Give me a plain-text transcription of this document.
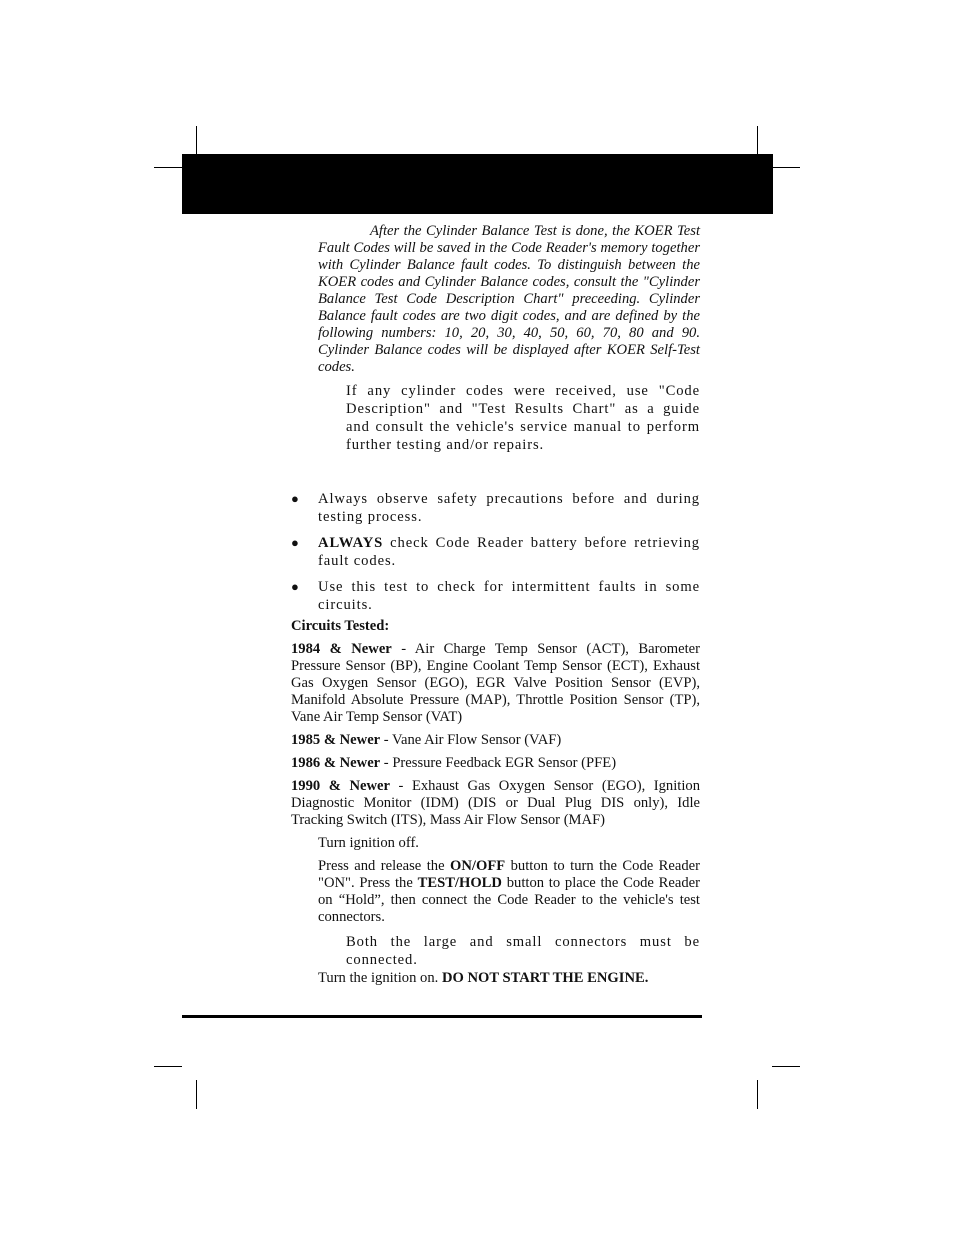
After the Cylinder Balance Test is done, the KOER Test Fault Codes will be saved in the Code Reader's memory together with Cylinder Balance fault codes. To distinguish between the KOER codes and Cylinder Balance codes, consult the "Cylinder Balance Test Code Description Chart" preceeding. Cylinder Balance fault codes are two digit codes, and are defined by the following numbers: 10, 20, 30, 40, 50, 60, 70, 80 and 90. Cylinder Balance codes will be displayed after KOER Self-Test codes.

If any cylinder codes were received, use "Code Description" and "Test Results Chart" as a guide and consult the vehicle's service manual to perform further testing and/or repairs.

● Always observe safety precautions before and during testing process.

● ALWAYS check Code Reader battery before retrieving fault codes.

● Use this test to check for intermittent faults in some circuits.

Circuits Tested:

1984 & Newer - Air Charge Temp Sensor (ACT), Barometer Pressure Sensor (BP), Engine Coolant Temp Sensor (ECT), Exhaust Gas Oxygen Sensor (EGO), EGR Valve Position Sensor (EVP), Manifold Absolute Pressure (MAP), Throttle Position Sensor (TP), Vane Air Temp Sensor (VAT)

1985 & Newer - Vane Air Flow Sensor (VAF)

1986 & Newer - Pressure Feedback EGR Sensor (PFE)

1990 & Newer - Exhaust Gas Oxygen Sensor (EGO), Ignition Diagnostic Monitor (IDM) (DIS or Dual Plug DIS only), Idle Tracking Switch (ITS), Mass Air Flow Sensor (MAF)

Turn ignition off.

Press and release the ON/OFF button to turn the Code Reader "ON". Press the TEST/HOLD button to place the Code Reader on “Hold”, then connect the Code Reader to the vehicle's test connectors.

Both the large and small connectors must be connected.

Turn the ignition on. DO NOT START THE ENGINE.
